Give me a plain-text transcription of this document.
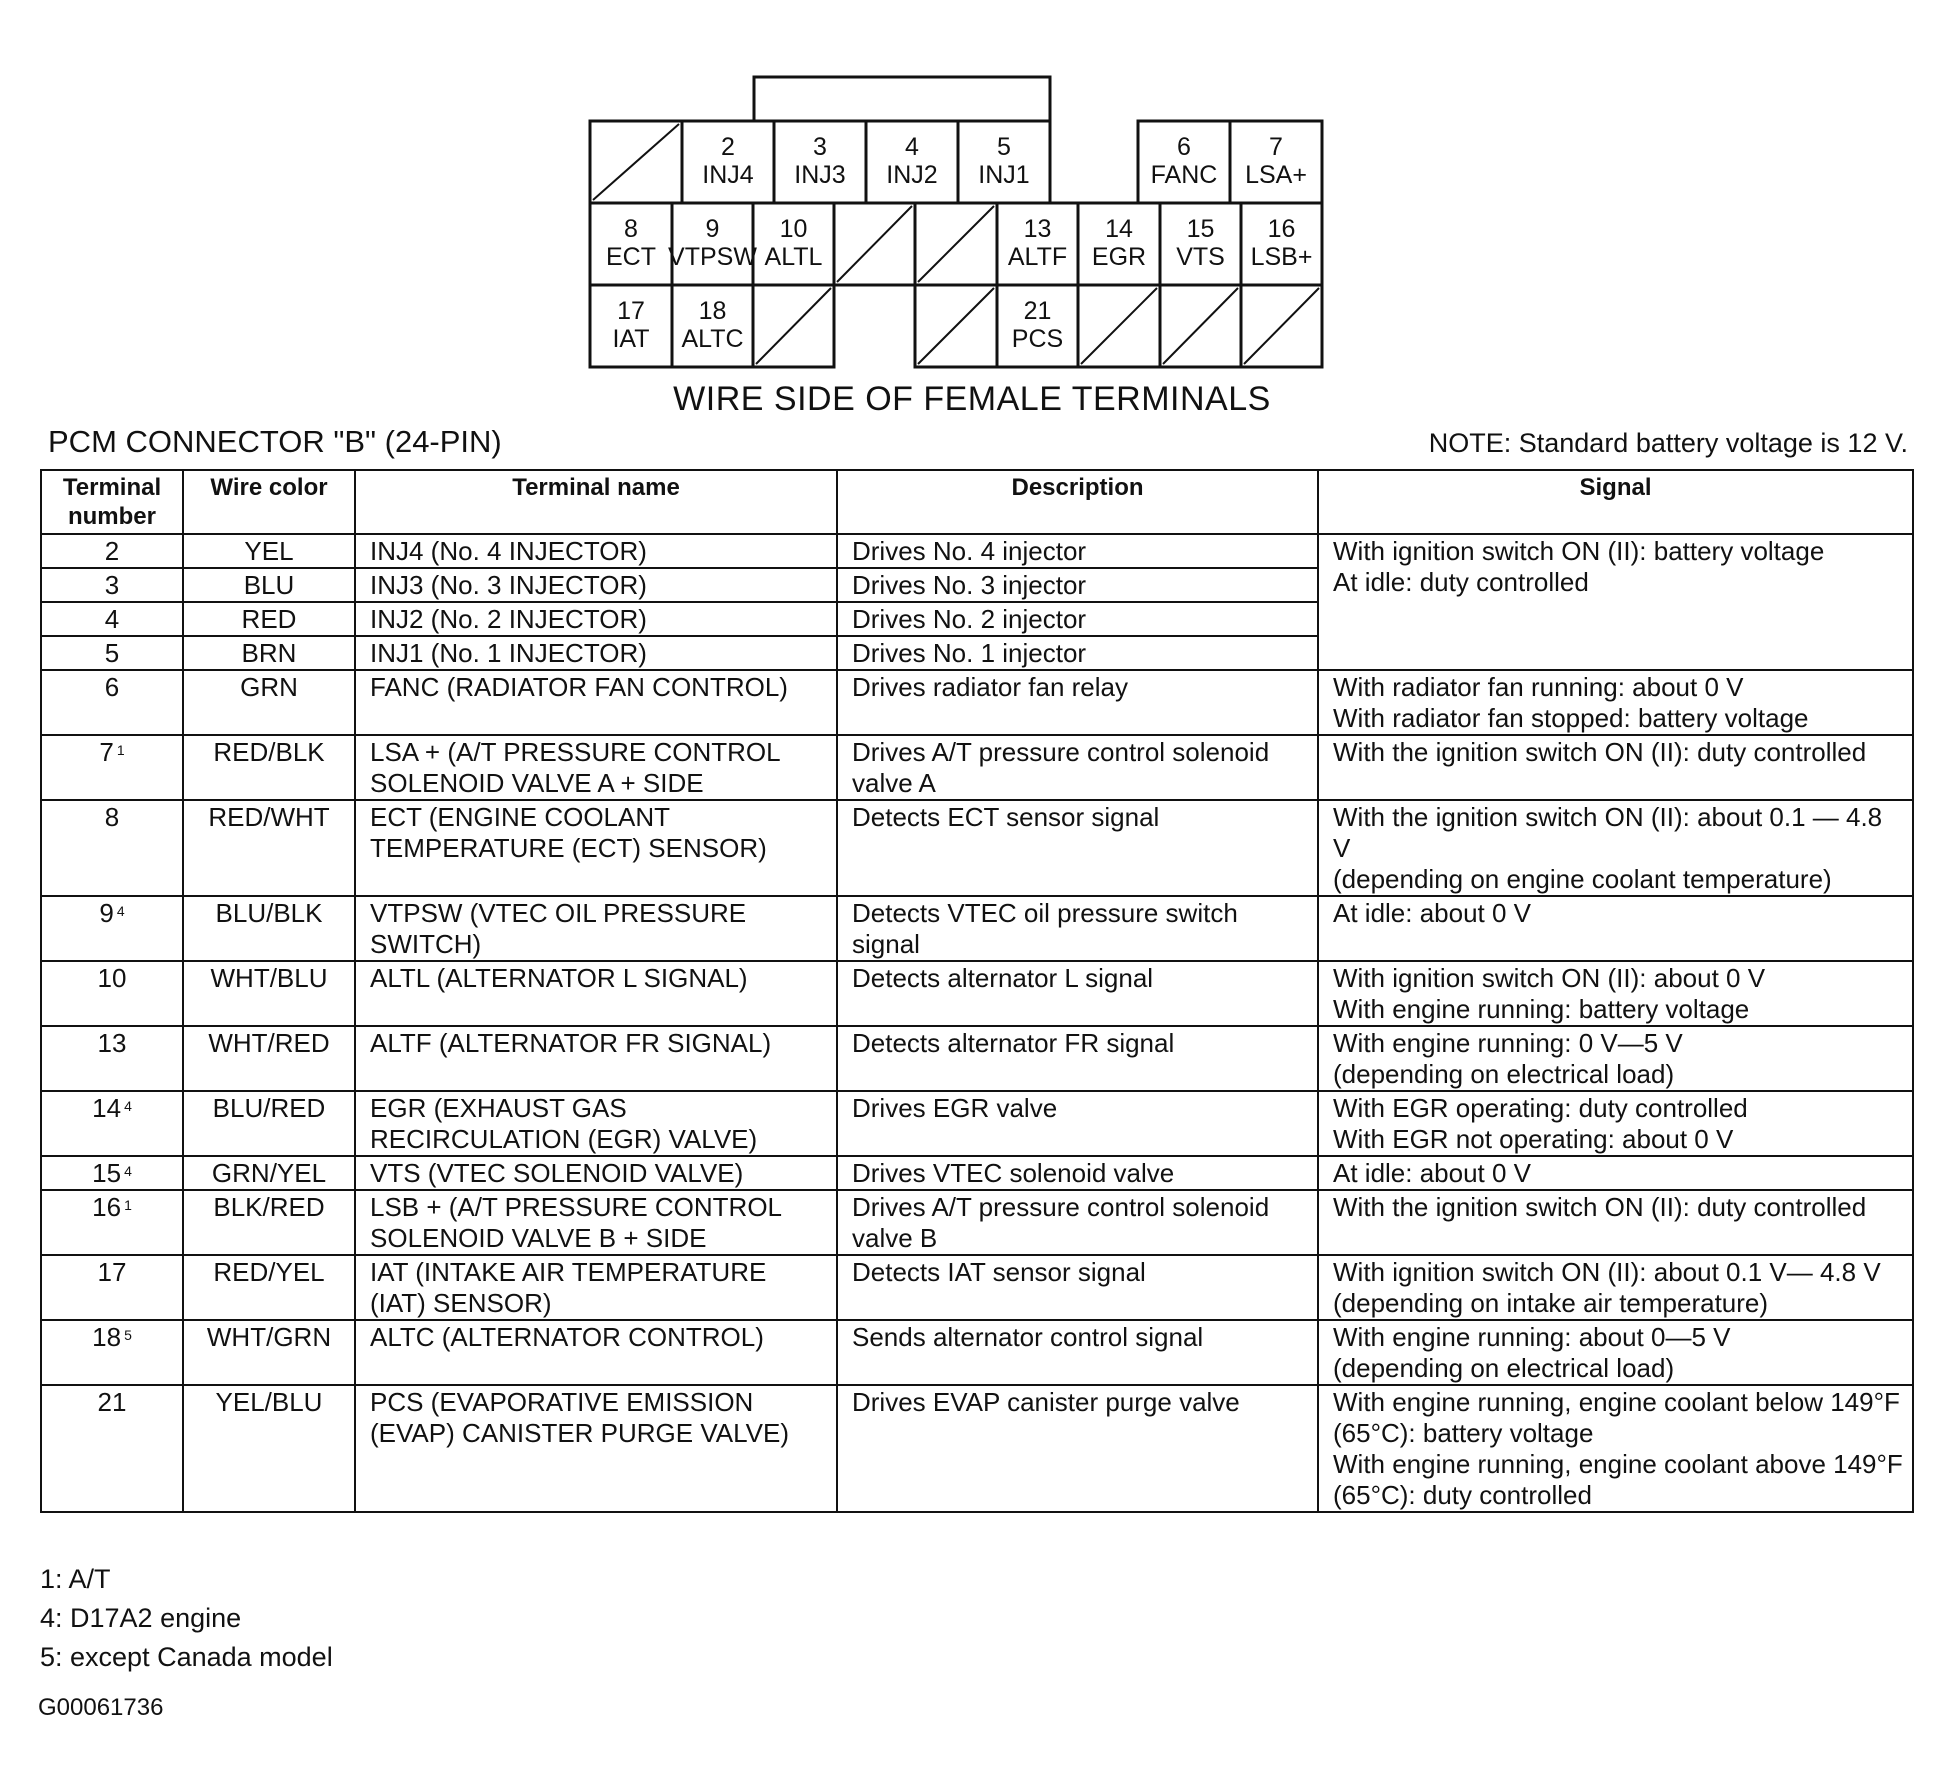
2
INJ4
3
INJ3
4
INJ2
5
INJ1
6
FANC
7
LSA+
8
ECT
9
VTPSW
10
ALTL
13
ALTF
14
EGR
15
VTS
16
LSB+
17
IAT
18
ALTC
21
PCS
WIRE SIDE OF FEMALE TERMINALS
PCM CONNECTOR "B" (24-PIN)	NOTE: Standard battery voltage is 12 V.
Terminal number	Wire color	Terminal name	Description	Signal
2	YEL	INJ4 (No. 4 INJECTOR)	Drives No. 4 injector	With ignition switch ON (II): battery voltage
At idle: duty controlled

3	BLU	INJ3 (No. 3 INJECTOR)	Drives No. 3 injector	
4	RED	INJ2 (No. 2 INJECTOR)	Drives No. 2 injector	
5	BRN	INJ1 (No. 1 INJECTOR)	Drives No. 1 injector	
6	GRN	FANC (RADIATOR FAN CONTROL)	Drives radiator fan relay	With radiator fan running: about 0 V
With radiator fan stopped: battery voltage

7 $^1$	RED/BLK	LSA + (A/T PRESSURE CONTROL SOLENOID VALVE A + SIDE	Drives A/T pressure control solenoid valve A	With the ignition switch ON (II): duty controlled

8	RED/WHT	ECT (ENGINE COOLANT TEMPERATURE (ECT) SENSOR)	Detects ECT sensor signal	With the ignition switch ON (II): about 0.1 — 4.8 V
(depending on engine coolant temperature)

9 $^4$	BLU/BLK	VTPSW (VTEC OIL PRESSURE SWITCH)	Detects VTEC oil pressure switch signal	At idle: about 0 V

10	WHT/BLU	ALTL (ALTERNATOR L SIGNAL)	Detects alternator L signal	With ignition switch ON (II): about 0 V
With engine running: battery voltage

13	WHT/RED	ALTF (ALTERNATOR FR SIGNAL)	Detects alternator FR signal	With engine running: 0 V—5 V
(depending on electrical load)

14 $^4$	BLU/RED	EGR (EXHAUST GAS RECIRCULATION (EGR) VALVE)	Drives EGR valve	With EGR operating: duty controlled
With EGR not operating: about 0 V

15 $^4$	GRN/YEL	VTS (VTEC SOLENOID VALVE)	Drives VTEC solenoid valve	At idle: about 0 V

16 $^1$	BLK/RED	LSB + (A/T PRESSURE CONTROL SOLENOID VALVE B + SIDE	Drives A/T pressure control solenoid valve B	With the ignition switch ON (II): duty controlled

17	RED/YEL	IAT (INTAKE AIR TEMPERATURE (IAT) SENSOR)	Detects IAT sensor signal	With ignition switch ON (II): about 0.1 V— 4.8 V
(depending on intake air temperature)

18 $^5$	WHT/GRN	ALTC (ALTERNATOR CONTROL)	Sends alternator control signal	With engine running: about 0—5 V
(depending on electrical load)

21	YEL/BLU	PCS (EVAPORATIVE EMISSION (EVAP) CANISTER PURGE VALVE)	Drives EVAP canister purge valve	With engine running, engine coolant below 149°F (65°C): battery voltage
With engine running, engine coolant above 149°F (65°C): duty controlled
1: A/T
4: D17A2 engine
5: except Canada model
G00061736
